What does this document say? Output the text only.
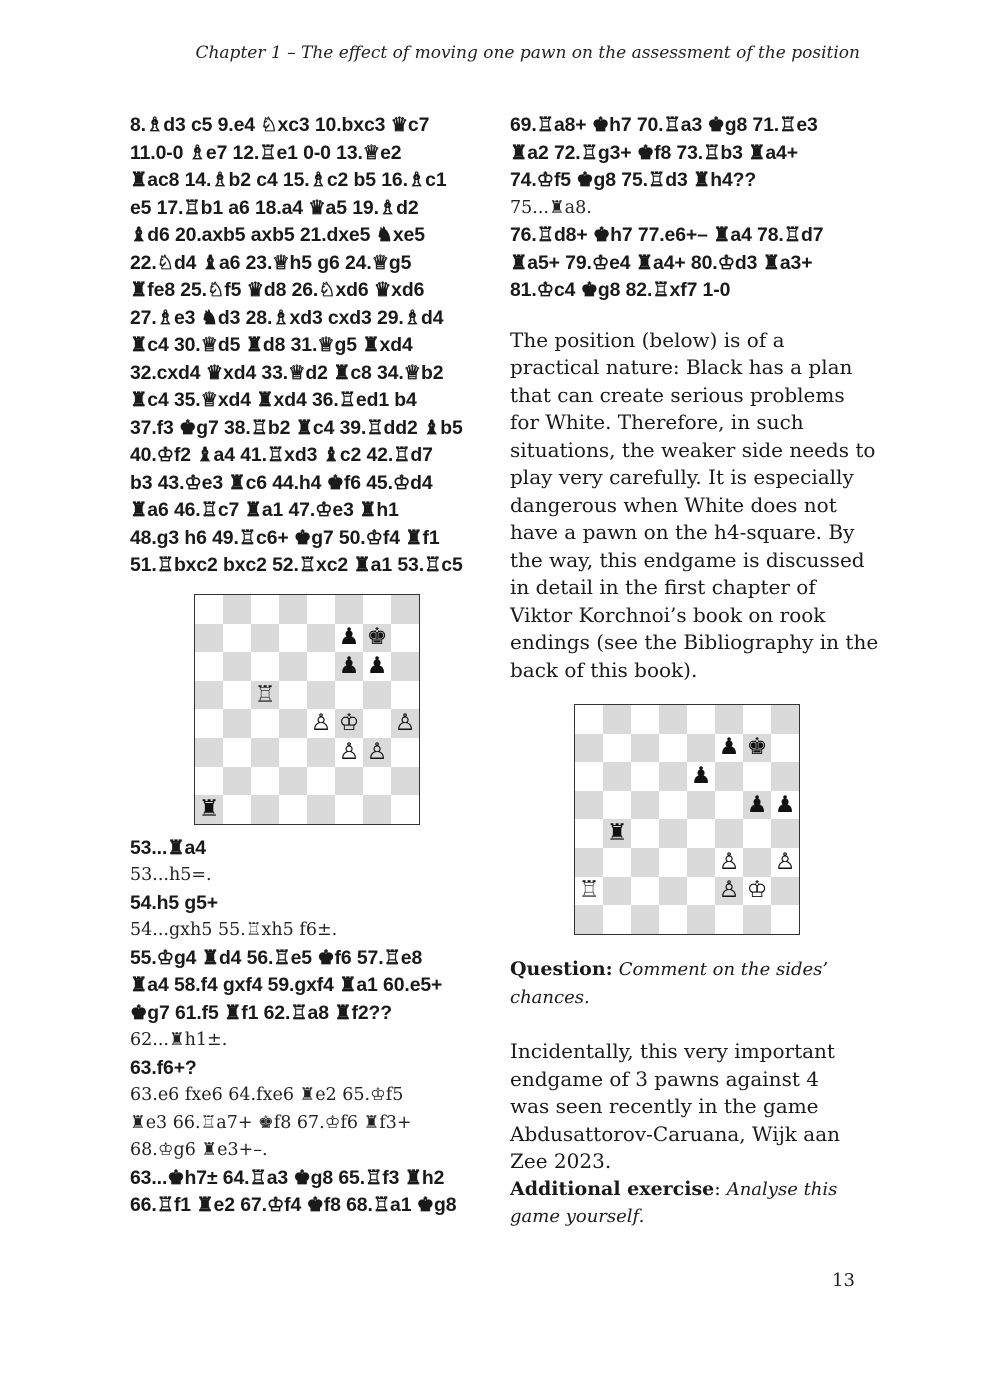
Chapter 1 – The effect of moving one pawn on the assessment of the position

8.♗d3 c5 9.e4 ♘xc3 10.bxc3 ♛c7
11.0-0 ♗e7 12.♖e1 0-0 13.♕e2
♜ac8 14.♗b2 c4 15.♗c2 b5 16.♗c1
e5 17.♖b1 a6 18.a4 ♛a5 19.♗d2
♝d6 20.axb5 axb5 21.dxe5 ♞xe5
22.♘d4 ♝a6 23.♕h5 g6 24.♕g5
♜fe8 25.♘f5 ♛d8 26.♘xd6 ♛xd6
27.♗e3 ♞d3 28.♗xd3 cxd3 29.♗d4
♜c4 30.♕d5 ♜d8 31.♕g5 ♜xd4
32.cxd4 ♛xd4 33.♕d2 ♜c8 34.♕b2
♜c4 35.♕xd4 ♜xd4 36.♖ed1 b4
37.f3 ♚g7 38.♖b2 ♜c4 39.♖dd2 ♝b5
40.♔f2 ♝a4 41.♖xd3 ♝c2 42.♖d7
b3 43.♔e3 ♜c6 44.h4 ♚f6 45.♔d4
♜a6 46.♖c7 ♜a1 47.♔e3 ♜h1
48.g3 h6 49.♖c6+ ♚g7 50.♔f4 ♜f1
51.♖bxc2 bxc2 52.♖xc2 ♜a1 53.♖c5

53...♜a4

53...h5=.

54.h5 g5+

54...gxh5 55.♖xh5 f6±.

55.♔g4 ♜d4 56.♖e5 ♚f6 57.♖e8
♜a4 58.f4 gxf4 59.gxf4 ♜a1 60.e5+
♚g7 61.f5 ♜f1 62.♖a8 ♜f2??

62...♜h1±.

63.f6+?

63.e6 fxe6 64.fxe6 ♜e2 65.♔f5
♜e3 66.♖a7+ ♚f8 67.♔f6 ♜f3+
68.♔g6 ♜e3+–.

63...♚h7± 64.♖a3 ♚g8 65.♖f3 ♜h2
66.♖f1 ♜e2 67.♔f4 ♚f8 68.♖a1 ♚g8

69.♖a8+ ♚h7 70.♖a3 ♚g8 71.♖e3
♜a2 72.♖g3+ ♚f8 73.♖b3 ♜a4+
74.♔f5 ♚g8 75.♖d3 ♜h4??

75...♜a8.

76.♖d8+ ♚h7 77.e6+– ♜a4 78.♖d7
♜a5+ 79.♔e4 ♜a4+ 80.♔d3 ♜a3+
81.♔c4 ♚g8 82.♖xf7 1-0

The position (below) is of a
practical nature: Black has a plan
that can create serious problems
for White. Therefore, in such
situations, the weaker side needs to
play very carefully. It is especially
dangerous when White does not
have a pawn on the h4-square. By
the way, this endgame is discussed
in detail in the first chapter of
Viktor Korchnoi’s book on rook
endings (see the Bibliography in the
back of this book).

Question: Comment on the sides’
chances.

Incidentally, this very important
endgame of 3 pawns against 4
was seen recently in the game
Abdusattorov-Caruana, Wijk aan
Zee 2023.

Additional exercise: Analyse this
game yourself.

♟ ♚
♟ ♟
♖
♙ ♔ ♙
♙ ♙
♜
♟ ♚
♟
♟ ♟
♜
♙ ♙
♖	♙ ♔
13
